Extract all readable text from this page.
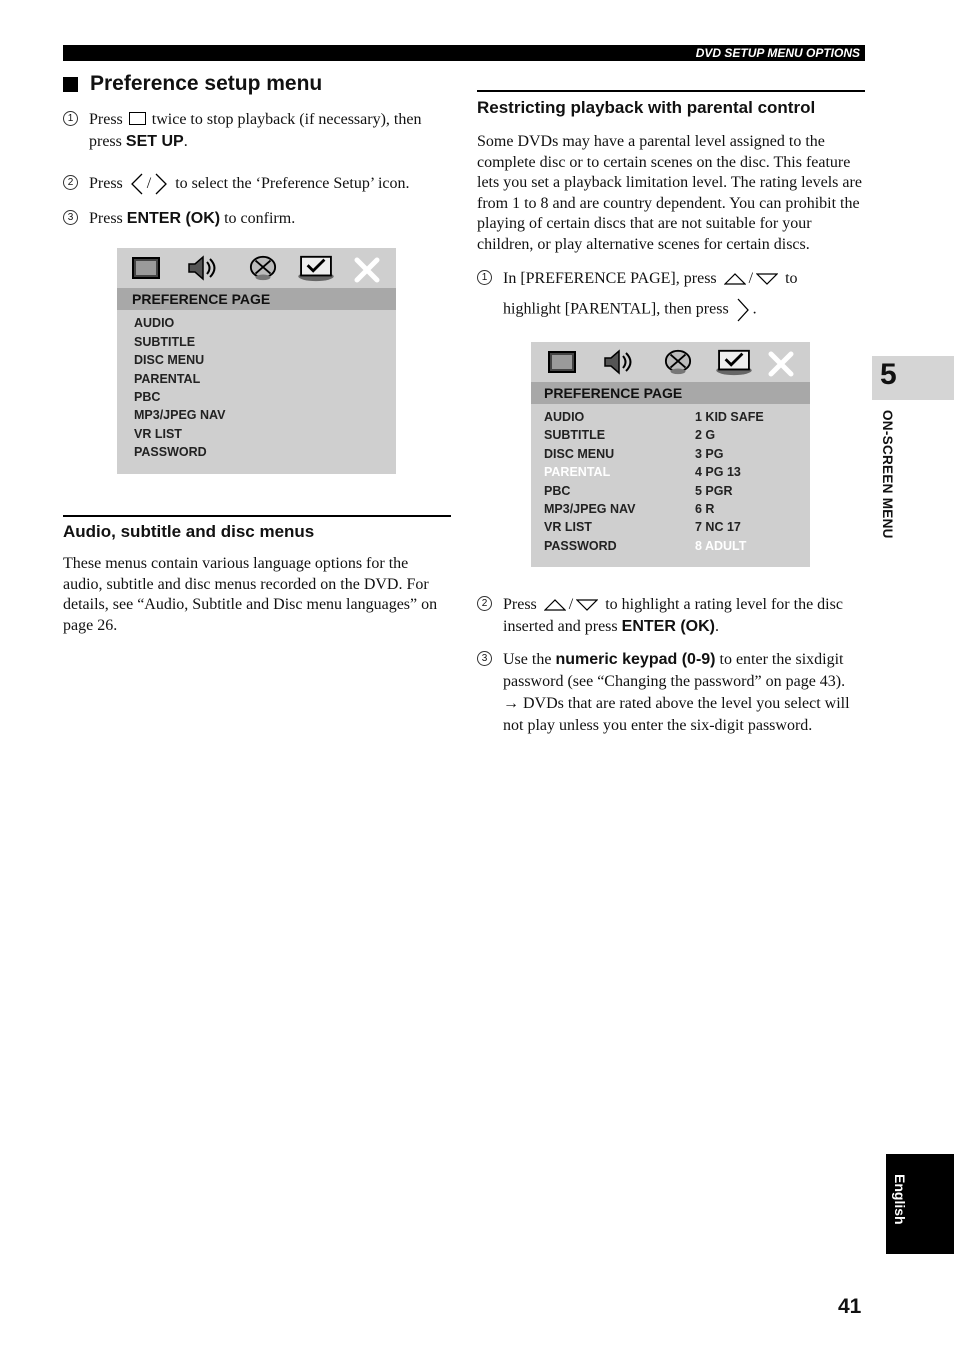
DVD SETUP MENU OPTIONS
Preference setup menu
1 Press twice to stop playback (if necessary), then press SET UP.
2 Press / to select the ‘Preference Setup’ icon.
3 Press ENTER (OK) to confirm.
PREFERENCE PAGE
AUDIO
SUBTITLE
DISC MENU
PARENTAL
PBC
MP3/JPEG NAV
VR LIST
PASSWORD
Audio, subtitle and disc menus

These menus contain various language options for the audio, subtitle and disc menus recorded on the DVD. For details, see “Audio, Subtitle and Disc menu languages” on page 26.

Restricting playback with parental control

Some DVDs may have a parental level assigned to the complete disc or to certain scenes on the disc. This feature lets you set a playback limitation level. The rating levels are from 1 to 8 and are country dependent. You can prohibit the playing of certain discs that are not suitable for your children, or play alternative scenes for certain discs.

1 In [PREFERENCE PAGE], press / to
highlight [PARENTAL], then press .
PREFERENCE PAGE
AUDIO
SUBTITLE
DISC MENU
PARENTAL
PBC
MP3/JPEG NAV
VR LIST
PASSWORD
1 KID SAFE
2 G
3 PG
4 PG 13
5 PGR
6 R
7 NC 17
8 ADULT
2 Press / to highlight a rating level for the disc inserted and press ENTER (OK).
3 Use the numeric keypad (0-9) to enter the sixdigit password (see “Changing the password” on page 43).
→ DVDs that are rated above the level you select will not play unless you enter the six-digit password.
5
ON-SCREEN MENU
English
41
